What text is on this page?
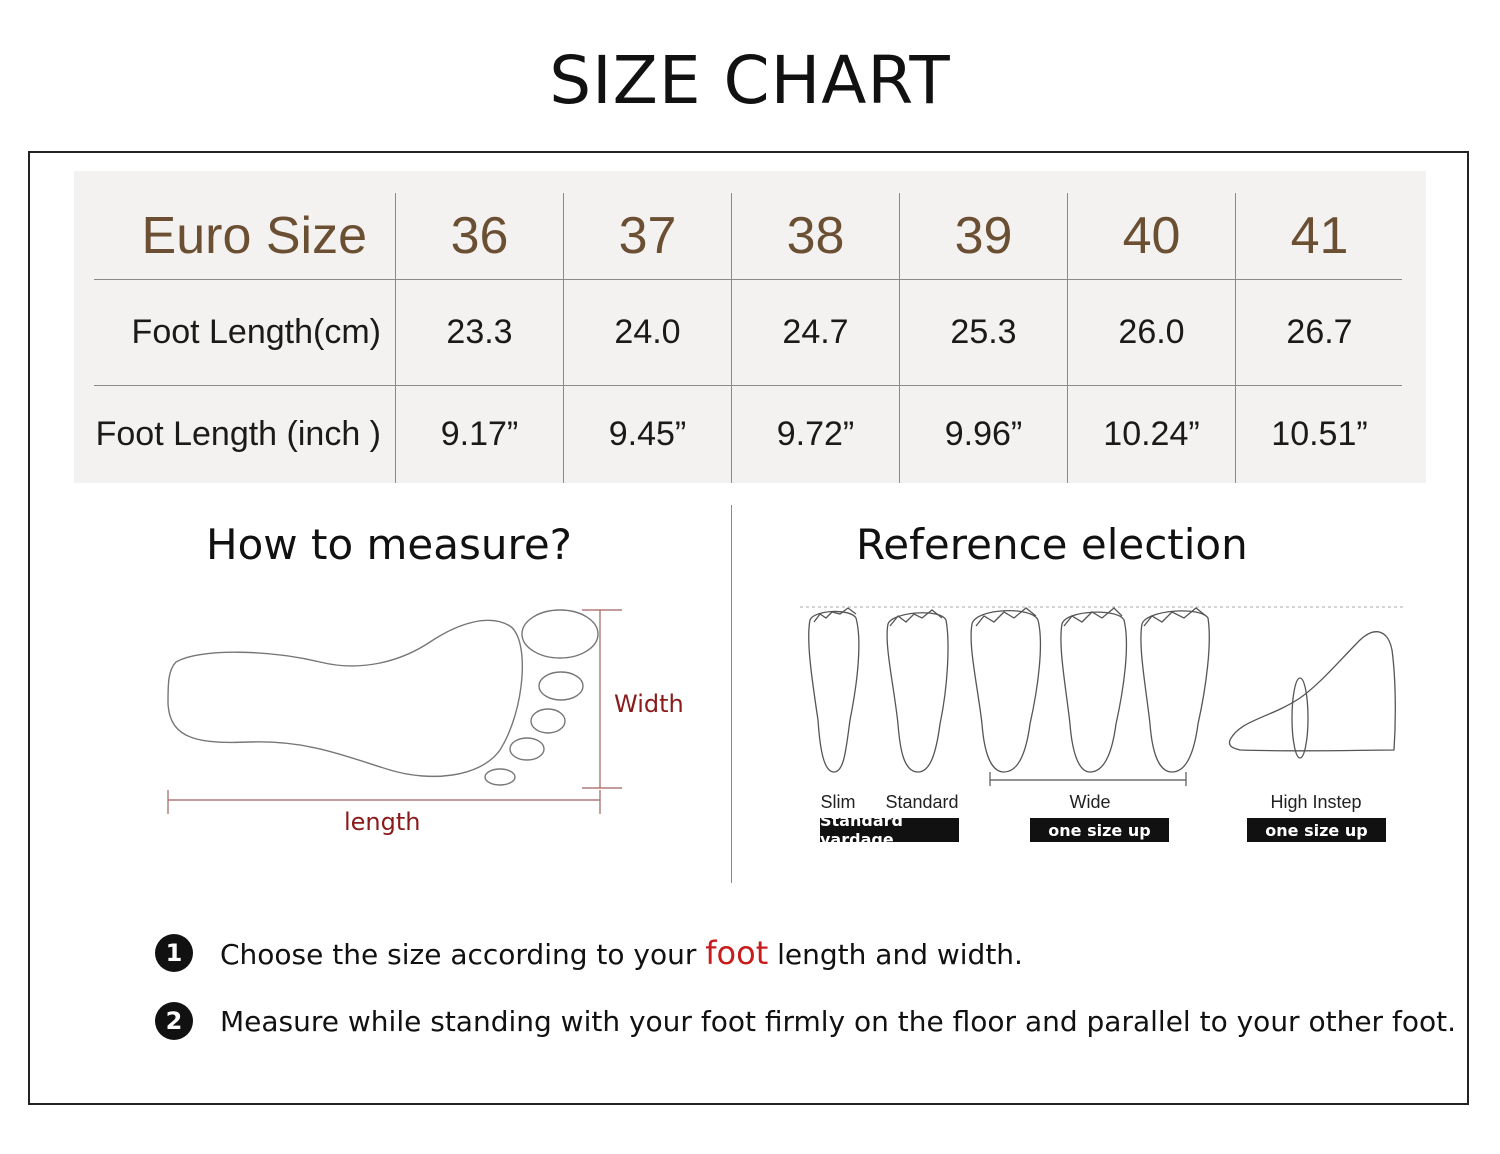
SIZE CHART
Euro Size	36	37	38	39	40	41
Foot Length(cm)	23.3	24.0	24.7	25.3	26.0	26.7
Foot Length (inch )	9.17”	9.45”	9.72”	9.96”	10.24”	10.51”
How to measure?
Width
length
Reference election
Slim	Standard	Wide	High Instep
Standard yardage	one size up	one size up
1	Choose the size according to your foot length and width.
2	Measure while standing with your foot firmly on the floor and parallel to your other foot.
